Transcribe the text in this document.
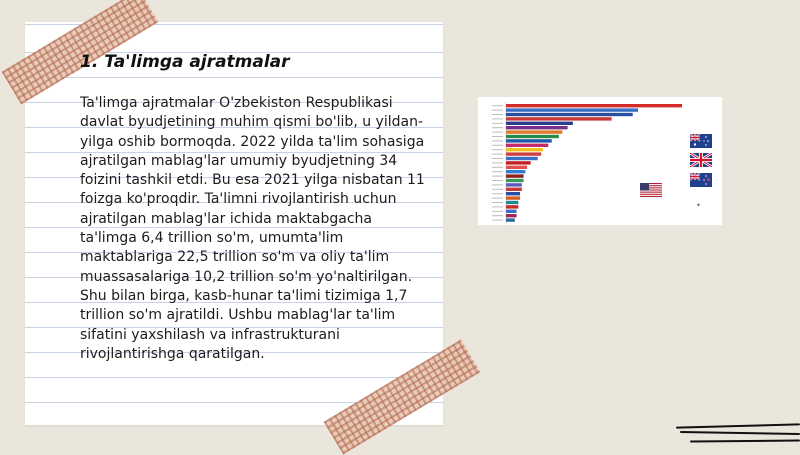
1. Ta'limga ajratmalar

Ta'limga ajratmalar O'zbekiston Respublikasi davlat byudjetining muhim qismi bo'lib, u yildan-yilga oshib bormoqda. 2022 yilda ta'lim sohasiga ajratilgan mablag'lar umumiy byudjetning 34 foizini tashkil etdi. Bu esa 2021 yilga nisbatan 11 foizga ko'proqdir. Ta'limni rivojlantirish uchun ajratilgan mablag'lar ichida maktabgacha ta'limga 6,4 trillion so'm, umumta'lim maktablariga 22,5 trillion so'm va oliy ta'lim muassasalariga 10,2 trillion so'm yo'naltirilgan. Shu bilan birga, kasb-hunar ta'limi tizimiga 1,7 trillion so'm ajratildi. Ushbu mablag'lar ta'lim sifatini yaxshilash va infrastrukturani rivojlantirishga qaratilgan.

✦
